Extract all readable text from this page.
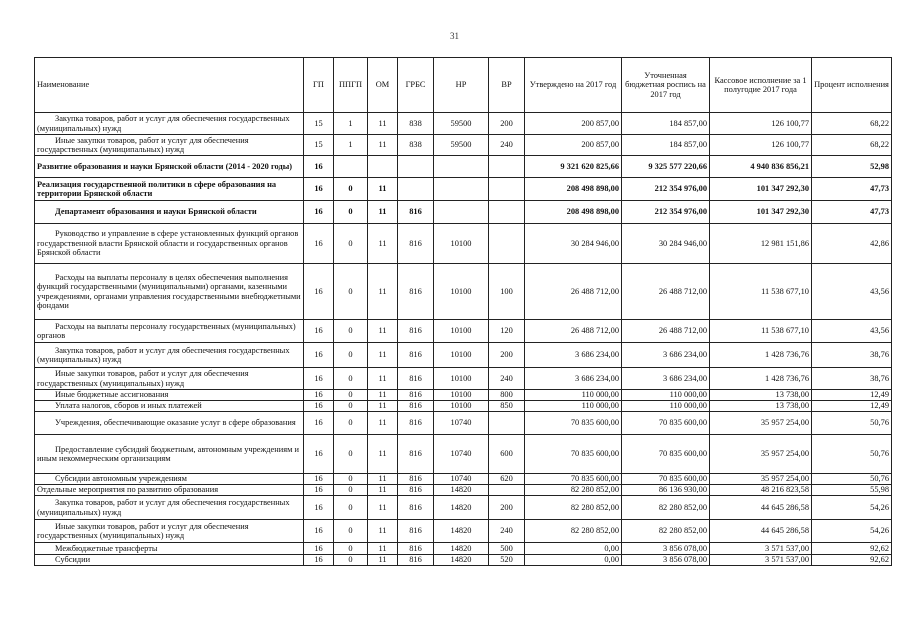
31
Наименование	ГП	ППГП	ОМ	ГРБС	НР	ВР	Утверждено на 2017 год	Уточненная бюджетная роспись на 2017 год	Кассовое исполнение за 1 полугодие 2017 года	Процент исполнения
Закупка товаров, работ и услуг для обеспечения государственных (муниципальных) нужд	15	1	11	838	59500	200	200 857,00	184 857,00	126 100,77	68,22
Иные закупки товаров, работ и услуг для обеспечения государственных (муниципальных) нужд	15	1	11	838	59500	240	200 857,00	184 857,00	126 100,77	68,22
Развитие образования и науки Брянской области (2014 - 2020 годы)	16						9 321 620 825,66	9 325 577 220,66	4 940 836 856,21	52,98
Реализация государственной политики в сфере образования на территории Брянской области	16	0	11				208 498 898,00	212 354 976,00	101 347 292,30	47,73
Департамент образования и науки Брянской области	16	0	11	816			208 498 898,00	212 354 976,00	101 347 292,30	47,73
Руководство и управление в сфере установленных функций органов государственной власти Брянской области и государственных органов Брянской области	16	0	11	816	10100		30 284 946,00	30 284 946,00	12 981 151,86	42,86
Расходы на выплаты персоналу в целях обеспечения выполнения функций государственными (муниципальными) органами, казенными учреждениями, органами управления государственными внебюджетными фондами	16	0	11	816	10100	100	26 488 712,00	26 488 712,00	11 538 677,10	43,56
Расходы на выплаты персоналу государственных (муниципальных) органов	16	0	11	816	10100	120	26 488 712,00	26 488 712,00	11 538 677,10	43,56
Закупка товаров, работ и услуг для обеспечения государственных (муниципальных) нужд	16	0	11	816	10100	200	3 686 234,00	3 686 234,00	1 428 736,76	38,76
Иные закупки товаров, работ и услуг для обеспечения государственных (муниципальных) нужд	16	0	11	816	10100	240	3 686 234,00	3 686 234,00	1 428 736,76	38,76
Иные бюджетные ассигнования	16	0	11	816	10100	800	110 000,00	110 000,00	13 738,00	12,49
Уплата налогов, сборов и иных платежей	16	0	11	816	10100	850	110 000,00	110 000,00	13 738,00	12,49
Учреждения, обеспечивающие оказание услуг в сфере образования	16	0	11	816	10740		70 835 600,00	70 835 600,00	35 957 254,00	50,76
Предоставление субсидий бюджетным, автономным учреждениям и иным некоммерческим организациям	16	0	11	816	10740	600	70 835 600,00	70 835 600,00	35 957 254,00	50,76
Субсидии автономным учреждениям	16	0	11	816	10740	620	70 835 600,00	70 835 600,00	35 957 254,00	50,76
Отдельные мероприятия по развитию образования	16	0	11	816	14820		82 280 852,00	86 136 930,00	48 216 823,58	55,98
Закупка товаров, работ и услуг для обеспечения государственных (муниципальных) нужд	16	0	11	816	14820	200	82 280 852,00	82 280 852,00	44 645 286,58	54,26
Иные закупки товаров, работ и услуг для обеспечения государственных (муниципальных) нужд	16	0	11	816	14820	240	82 280 852,00	82 280 852,00	44 645 286,58	54,26
Межбюджетные трансферты	16	0	11	816	14820	500	0,00	3 856 078,00	3 571 537,00	92,62
Субсидии	16	0	11	816	14820	520	0,00	3 856 078,00	3 571 537,00	92,62
